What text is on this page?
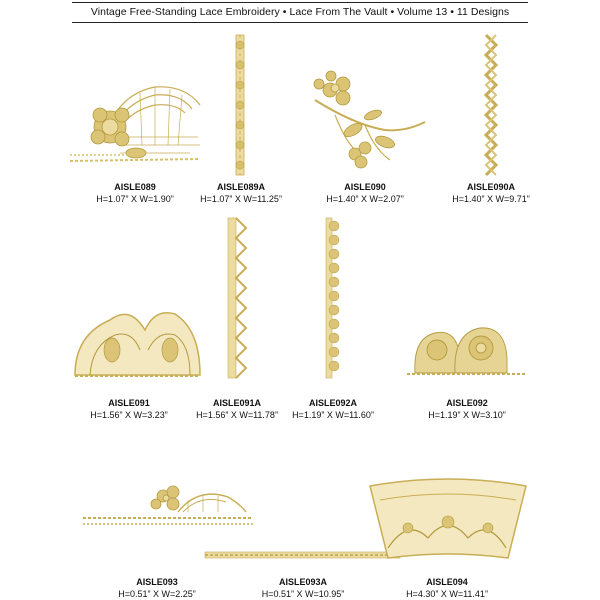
Vintage Free-Standing Lace Embroidery • Lace From The Vault • Volume 13 • 11 Designs
AISLE089
H=1.07” X W=1.90”
AISLE089A
H=1.07” X W=11.25”
AISLE090
H=1.40” X W=2.07”
AISLE090A
H=1.40” X W=9.71”
AISLE091
H=1.56” X W=3.23”
AISLE091A
H=1.56” X W=11.78”
AISLE092A
H=1.19” X W=11.60”
AISLE092
H=1.19” X W=3.10”
AISLE093
H=0.51” X W=2.25”
AISLE093A
H=0.51” X W=10.95”
AISLE094
H=4.30” X W=11.41”
